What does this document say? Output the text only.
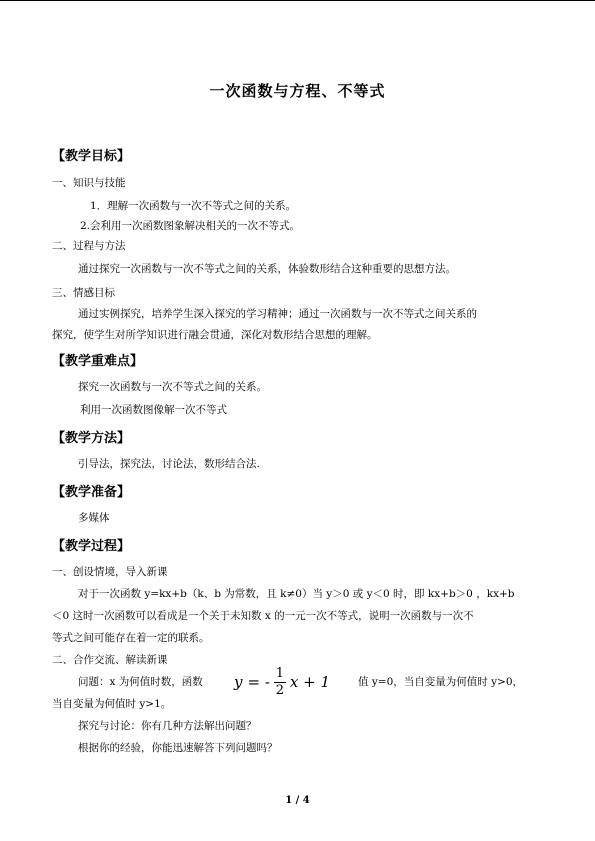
一次函数与方程、不等式
【教学目标】
一、知识与技能
1．理解一次函数与一次不等式之间的关系。
2.会利用一次函数图象解决相关的一次不等式。
二、过程与方法
通过探究一次函数与一次不等式之间的关系，体验数形结合这种重要的思想方法。
三、情感目标
通过实例探究，培养学生深入探究的学习精神；通过一次函数与一次不等式之间关系的
探究，使学生对所学知识进行融会贯通，深化对数形结合思想的理解。
【教学重难点】
探究一次函数与一次不等式之间的关系。
利用一次函数图像解一次不等式
【教学方法】
引导法，探究法，讨论法，数形结合法.
【教学准备】
多媒体
【教学过程】
一、创设情境，导入新课
对于一次函数 y=kx+b（k、b 为常数，且 k≠0）当 y＞0 或 y＜0 时，即 kx+b＞0 ，kx+b
＜0 这时一次函数可以看成是一个关于未知数 x 的一元一次不等式，说明一次函数与一次不
等式之间可能存在着一定的联系。
二、合作交流、解读新课
问题：x 为何值时数，函数 y = - $\frac{1}{2}$ x + 1	值 y=0，当自变量为何值时 y>0，
当自变量为何值时 y>1。
探究与讨论：你有几种方法解出问题？
根据你的经验，你能迅速解答下列问题吗？
1 / 4
